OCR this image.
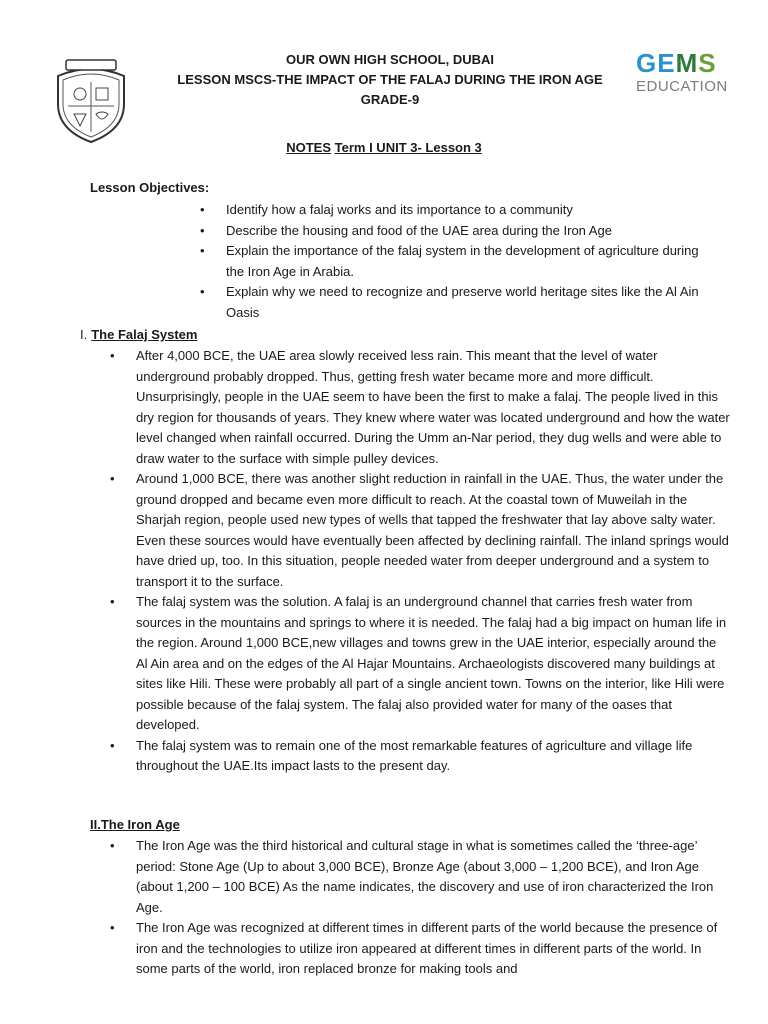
OUR OWN HIGH SCHOOL, DUBAI
LESSON MSCS-THE IMPACT OF THE FALAJ DURING THE IRON AGE
GRADE-9
GEMS
EDUCATION
NOTES Term I UNIT 3- Lesson 3
Lesson Objectives:
• Identify how a falaj works and its importance to a community
• Describe the housing and food of the UAE area during the Iron Age
• Explain the importance of the falaj system in the development of agriculture during the Iron Age in Arabia.
• Explain why we need to recognize and preserve world heritage sites like the Al Ain Oasis
I. The Falaj System
• After 4,000 BCE, the UAE area slowly received less rain. This meant that the level of water underground probably dropped. Thus, getting fresh water became more and more difficult. Unsurprisingly, people in the UAE seem to have been the first to make a falaj. The people lived in this dry region for thousands of years. They knew where water was located underground and how the water level changed when rainfall occurred. During the Umm an-Nar period, they dug wells and were able to draw water to the surface with simple pulley devices.
• Around 1,000 BCE, there was another slight reduction in rainfall in the UAE. Thus, the water under the ground dropped and became even more difficult to reach. At the coastal town of Muweilah in the Sharjah region, people used new types of wells that tapped the freshwater that lay above salty water. Even these sources would have eventually been affected by declining rainfall. The inland springs would have dried up, too. In this situation, people needed water from deeper underground and a system to transport it to the surface.
• The falaj system was the solution. A falaj is an underground channel that carries fresh water from sources in the mountains and springs to where it is needed. The falaj had a big impact on human life in the region. Around 1,000 BCE,new villages and towns grew in the UAE interior, especially around the Al Ain area and on the edges of the Al Hajar Mountains. Archaeologists discovered many buildings at sites like Hili. These were probably all part of a single ancient town. Towns on the interior, like Hili were possible because of the falaj system. The falaj also provided water for many of the oases that developed.
• The falaj system was to remain one of the most remarkable features of agriculture and village life throughout the UAE.Its impact lasts to the present day.
II.The Iron Age
• The Iron Age was the third historical and cultural stage in what is sometimes called the ‘three-age’ period: Stone Age (Up to about 3,000 BCE), Bronze Age (about 3,000 – 1,200 BCE), and Iron Age (about 1,200 – 100 BCE) As the name indicates, the discovery and use of iron characterized the Iron Age.
• The Iron Age was recognized at different times in different parts of the world because the presence of iron and the technologies to utilize iron appeared at different times in different parts of the world. In some parts of the world, iron replaced bronze for making tools and
